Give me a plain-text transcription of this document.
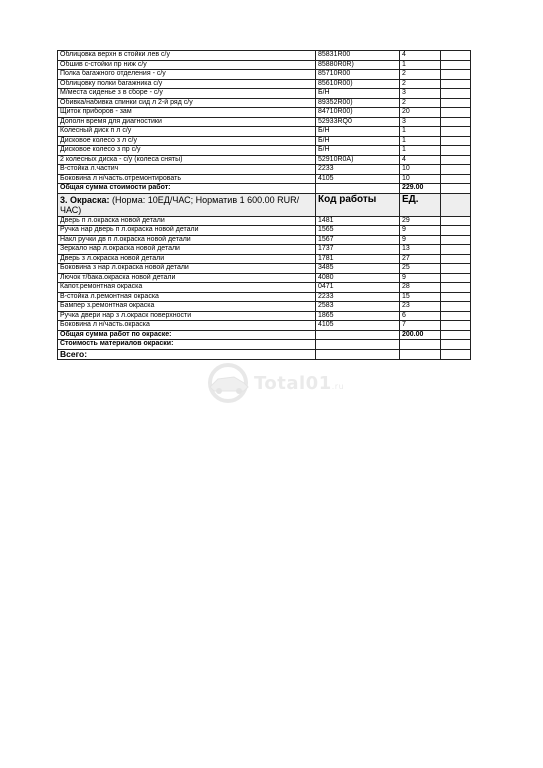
Облицовка верхн в стойки лев с/у	85831R00	4	
Обшив с-стойки пр ниж с/у	85880R0R)	1	
Полка багажного отделения - с/у	85710R00	2	
Облицовку полки багажника с/у	85610R00)	2	
М/места сиденье з в сборе - с/у	Б/Н	3	
Обивка/набивка спинки сид л 2-й ряд с/у	89352R00)	2	
Щиток приборов - зам	84710R00)	20	
Дополн время для диагностики	52933RQ0	3	
Колесный диск п л с/у	Б/Н	1	
Дисковое колесо з л с/у	Б/Н	1	
Дисковое колесо з пр с/у	Б/Н	1	
2 колесных диска - с/у (колеса сняты)	52910R0A)	4	
В-стойка л.частич	2233	10	
Боковина л н/часть.отремонтировать	4105	10	
Общая сумма стоимости работ:		229.00	
3. Окраска: (Норма: 10ЕД/ЧАС; Норматив 1 600.00 RUR/ЧАС)	Код работы	ЕД.	
Дверь п л.окраска новой детали	1481	29	
Ручка нар дверь п л.окраска новой детали	1565	9	
Накл ручки дв п л.окраска новой детали	1567	9	
Зеркало нар л.окраска новой детали	1737	13	
Дверь з л.окраска новой детали	1781	27	
Боковина з нар л.окраска новой детали	3485	25	
Лючок т/бака.окраска новой детали	4080	9	
Капот.ремонтная окраска	0471	28	
В-стойка л.ремонтная окраска	2233	15	
Бампер з.ремонтная окраска	2583	23	
Ручка двери нар з л.окраск поверхности	1865	6	
Боковина л н/часть.окраска	4105	7	
Общая сумма работ по окраске:		200.00	
Стоимость материалов окраски:			
Всего:			
Total01.ru
